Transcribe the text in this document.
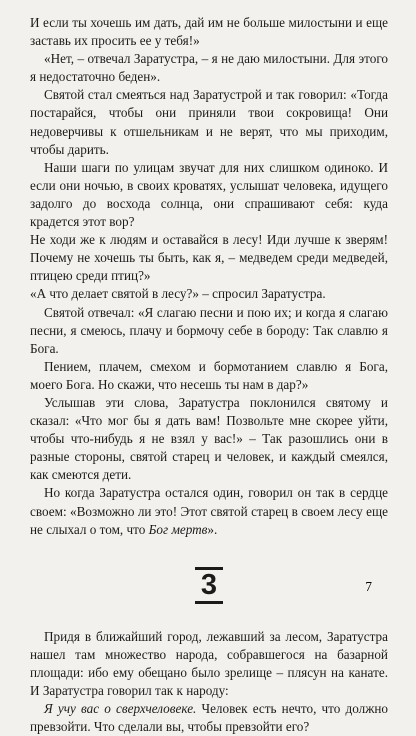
И если ты хочешь им дать, дай им не больше милостыни и еще заставь их просить ее у тебя!»

«Нет, – отвечал Заратустра, – я не даю милостыни. Для этого я недостаточно беден».

Святой стал смеяться над Заратустрой и так говорил: «Тогда постарайся, чтобы они приняли твои сокровища! Они недоверчивы к отшельникам и не верят, что мы приходим, чтобы дарить.

Наши шаги по улицам звучат для них слишком одиноко. И если они ночью, в своих кроватях, услышат человека, идущего задолго до восхода солнца, они спрашивают себя: куда крадется этот вор?

Не ходи же к людям и оставайся в лесу! Иди лучше к зверям! Почему не хочешь ты быть, как я, – медведем среди медведей, птицею среди птиц?»

«А что делает святой в лесу?» – спросил Заратустра.

Святой отвечал: «Я слагаю песни и пою их; и когда я слагаю песни, я смеюсь, плачу и бормочу себе в бороду: Так славлю я Бога.

Пением, плачем, смехом и бормотанием славлю я Бога, моего Бога. Но скажи, что несешь ты нам в дар?»

Услышав эти слова, Заратустра поклонился святому и сказал: «Что мог бы я дать вам! Позвольте мне скорее уйти, чтобы что-нибудь я не взял у вас!» – Так разошлись они в разные стороны, святой старец и человек, и каждый смеялся, как смеются дети.

Но когда Заратустра остался один, говорил он так в сердце своем: «Возможно ли это! Этот святой старец в своем лесу еще не слыхал о том, что Бог мертв».

3

Придя в ближайший город, лежавший за лесом, Заратустра нашел там множество народа, собравшегося на базарной площади: ибо ему обещано было зрелище – плясун на канате. И Заратустра говорил так к народу:

Я учу вас о сверхчеловеке. Человек есть нечто, что должно превзойти. Что сделали вы, чтобы превзойти его?

7
